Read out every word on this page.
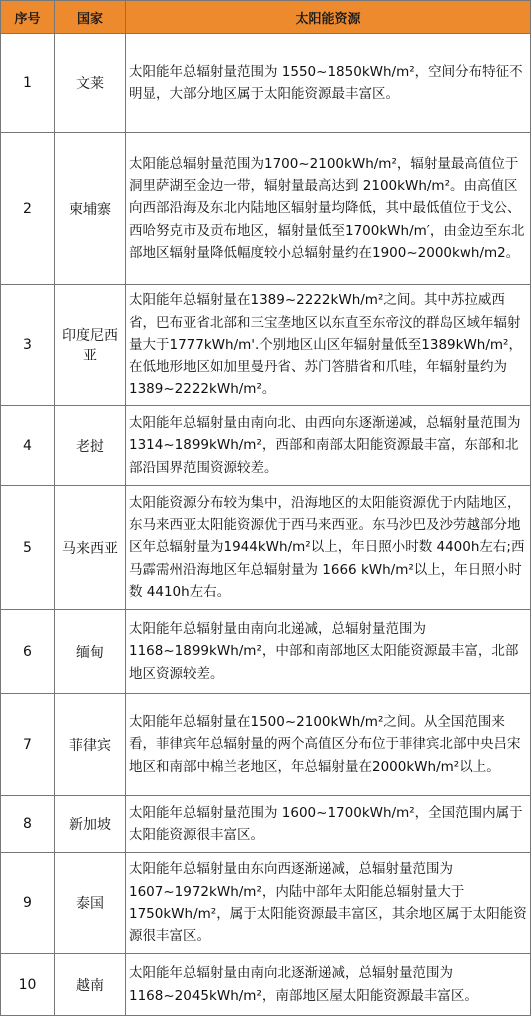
序号	国家	太阳能资源
1	文莱	太阳能年总辐射量范围为 1550~1850kWh/m²，空间分布特征不明显，大部分地区属于太阳能资源最丰富区。
2	柬埔寨	太阳能总辐射量范围为1700~2100kWh/m²，辐射量最高值位于洞里萨湖至金边一带，辐射量最高达到 2100kWh/m²。由高值区向西部沿海及东北内陆地区辐射量均降低，其中最低值位于戈公、西哈努克市及贡布地区，辐射量低至1700kWh/m′，由金边至东北部地区辐射量降低幅度较小总辐射量约在1900~2000kwh/m2。
3	印度尼西亚	太阳能年总辐射量在1389~2222kWh/m²之间。其中苏拉威西省，巴布亚省北部和三宝垄地区以东直至东帝汶的群岛区域年辐射量大于1777kWh/m'.个别地区山区年辐射量低至1389kWh/m²，在低地形地区如加里曼丹省、苏门答腊省和爪哇，年辐射量约为 1389~2222kWh/m²。
4	老挝	太阳能年总辐射量由南向北、由西向东逐渐递减，总辐射量范围为1314~1899kWh/m²，西部和南部太阳能资源最丰富，东部和北部沿国界范围资源较差。
5	马来西亚	太阳能资源分布较为集中，沿海地区的太阳能资源优于内陆地区，东马来西亚太阳能资源优于西马来西亚。东马沙巴及沙劳越部分地区年总辐射量为1944kWh/m²以上，年日照小时数 4400h左右;西马霹需州沿海地区年总辐射量为 1666 kWh/m²以上，年日照小时数 4410h左右。
6	缅甸	太阳能年总辐射量由南向北递减，总辐射量范围为1168~1899kWh/m²，中部和南部地区太阳能资源最丰富，北部地区资源较差。
7	菲律宾	太阳能年总辐射量在1500~2100kWh/m²之间。从全国范围来看，菲律宾年总辐射量的两个高值区分布位于菲律宾北部中央吕宋地区和南部中棉兰老地区，年总辐射量在2000kWh/m²以上。
8	新加坡	太阳能年总辐射量范围为 1600~1700kWh/m²，全国范围内属于太阳能资源很丰富区。
9	泰国	太阳能年总辐射量由东向西逐渐递减，总辐射量范围为1607~1972kWh/m²，内陆中部年太阳能总辐射量大于1750kWh/m²，属于太阳能资源最丰富区，其余地区属于太阳能资源很丰富区。
10	越南	太阳能年总辐射量由南向北逐渐递减，总辐射量范围为1168~2045kWh/m²，南部地区屋太阳能资源最丰富区。
